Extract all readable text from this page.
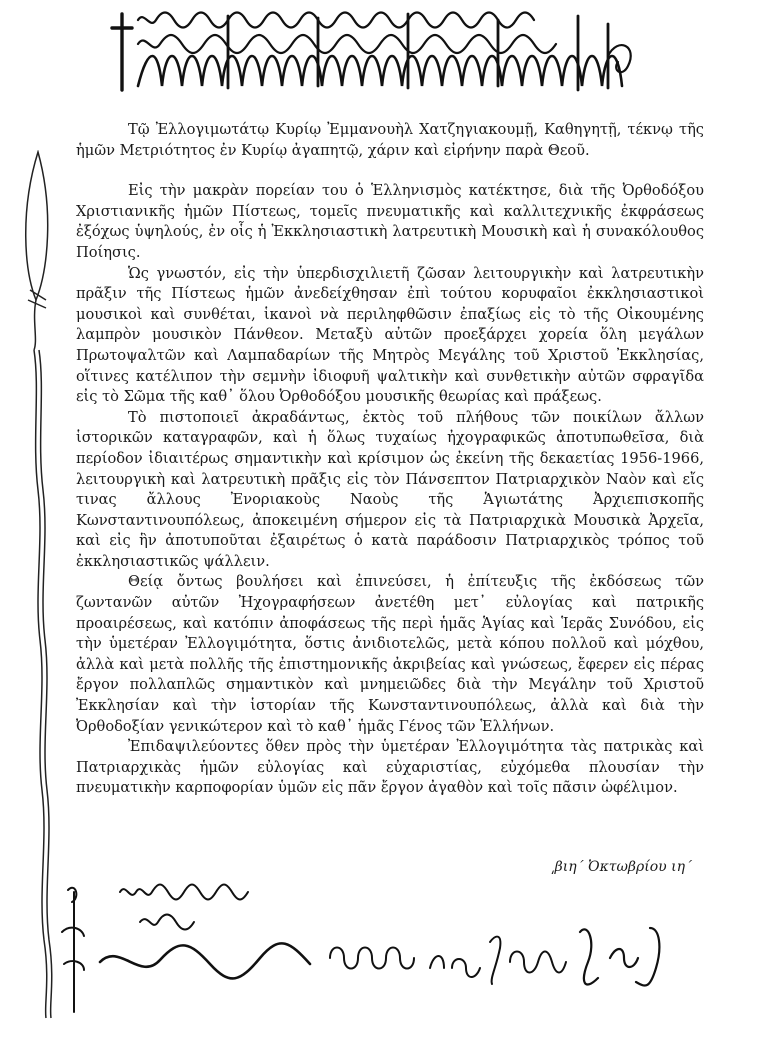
Τῷ Ἐλλογιμωτάτῳ Κυρίῳ Ἐμμανουὴλ Χατζηγιακουμῇ, Καθηγητῇ, τέκνῳ τῆς ἡμῶν Μετριότητος ἐν Κυρίῳ ἀγαπητῷ, χάριν καὶ εἰρήνην παρὰ Θεοῦ.

Εἰς τὴν μακρὰν πορείαν του ὁ Ἑλληνισμὸς κατέκτησε, διὰ τῆς Ὀρθοδόξου Χριστιανικῆς ἡμῶν Πίστεως, τομεῖς πνευματικῆς καὶ καλλιτεχνικῆς ἐκφράσεως ἐξόχως ὑψηλούς, ἐν οἷς ἡ Ἐκκλησιαστικὴ λατρευτικὴ Μουσικὴ καὶ ἡ συνακόλουθος Ποίησις.

Ὡς γνωστόν, εἰς τὴν ὑπερδισχιλιετῆ ζῶσαν λειτουργικὴν καὶ λατρευτικὴν πρᾶξιν τῆς Πίστεως ἡμῶν ἀνεδείχθησαν ἐπὶ τούτου κορυφαῖοι ἐκκλησιαστικοὶ μουσικοὶ καὶ συνθέται, ἱκανοὶ νὰ περιληφθῶσιν ἐπαξίως εἰς τὸ τῆς Οἰκουμένης λαμπρὸν μουσικὸν Πάνθεον. Μεταξὺ αὐτῶν προεξάρχει χορεία ὅλη μεγάλων Πρωτοψαλτῶν καὶ Λαμπαδαρίων τῆς Μητρὸς Μεγάλης τοῦ Χριστοῦ Ἐκκλησίας, οἵτινες κατέλιπον τὴν σεμνὴν ἰδιοφυῆ ψαλτικὴν καὶ συνθετικὴν αὐτῶν σφραγῖδα εἰς τὸ Σῶμα τῆς καθ᾽ ὅλου Ὀρθοδόξου μουσικῆς θεωρίας καὶ πράξεως.

Τὸ πιστοποιεῖ ἀκραδάντως, ἐκτὸς τοῦ πλήθους τῶν ποικίλων ἄλλων ἱστορικῶν καταγραφῶν, καὶ ἡ ὅλως τυχαίως ἠχογραφικῶς ἀποτυπωθεῖσα, διὰ περίοδον ἰδιαιτέρως σημαντικὴν καὶ κρίσιμον ὡς ἐκείνη τῆς δεκαετίας 1956-1966, λειτουργικὴ καὶ λατρευτικὴ πρᾶξις εἰς τὸν Πάνσεπτον Πατριαρχικὸν Ναὸν καὶ εἴς τινας ἄλλους Ἐνοριακοὺς Ναοὺς τῆς Ἁγιωτάτης Ἀρχιεπισκοπῆς Κωνσταντινουπόλεως, ἀποκειμένη σήμερον εἰς τὰ Πατριαρχικὰ Μουσικὰ Ἀρχεῖα, καὶ εἰς ἣν ἀποτυποῦται ἐξαιρέτως ὁ κατὰ παράδοσιν Πατριαρχικὸς τρόπος τοῦ ἐκκλησιαστικῶς ψάλλειν.

Θείᾳ ὄντως βουλήσει καὶ ἐπινεύσει, ἡ ἐπίτευξις τῆς ἐκδόσεως τῶν ζωντανῶν αὐτῶν Ἠχογραφήσεων ἀνετέθη μετ᾽ εὐλογίας καὶ πατρικῆς προαιρέσεως, καὶ κατόπιν ἀποφάσεως τῆς περὶ ἡμᾶς Ἁγίας καὶ Ἱερᾶς Συνόδου, εἰς τὴν ὑμετέραν Ἐλλογιμότητα, ὅστις ἀνιδιοτελῶς, μετὰ κόπου πολλοῦ καὶ μόχθου, ἀλλὰ καὶ μετὰ πολλῆς τῆς ἐπιστημονικῆς ἀκριβείας καὶ γνώσεως, ἔφερεν εἰς πέρας ἔργον πολλαπλῶς σημαντικὸν καὶ μνημειῶδες διὰ τὴν Μεγάλην τοῦ Χριστοῦ Ἐκκλησίαν καὶ τὴν ἱστορίαν τῆς Κωνσταντινουπόλεως, ἀλλὰ καὶ διὰ τὴν Ὀρθοδοξίαν γενικώτερον καὶ τὸ καθ᾽ ἡμᾶς Γένος τῶν Ἑλλήνων.

Ἐπιδαψιλεύοντες ὅθεν πρὸς τὴν ὑμετέραν Ἐλλογιμότητα τὰς πατρικὰς καὶ Πατριαρχικὰς ἡμῶν εὐλογίας καὶ εὐχαριστίας, εὐχόμεθα πλουσίαν τὴν πνευματικὴν καρποφορίαν ὑμῶν εἰς πᾶν ἔργον ἀγαθὸν καὶ τοῖς πᾶσιν ὠφέλιμον.

͵βιη´ Ὀκτωβρίου ιη´
